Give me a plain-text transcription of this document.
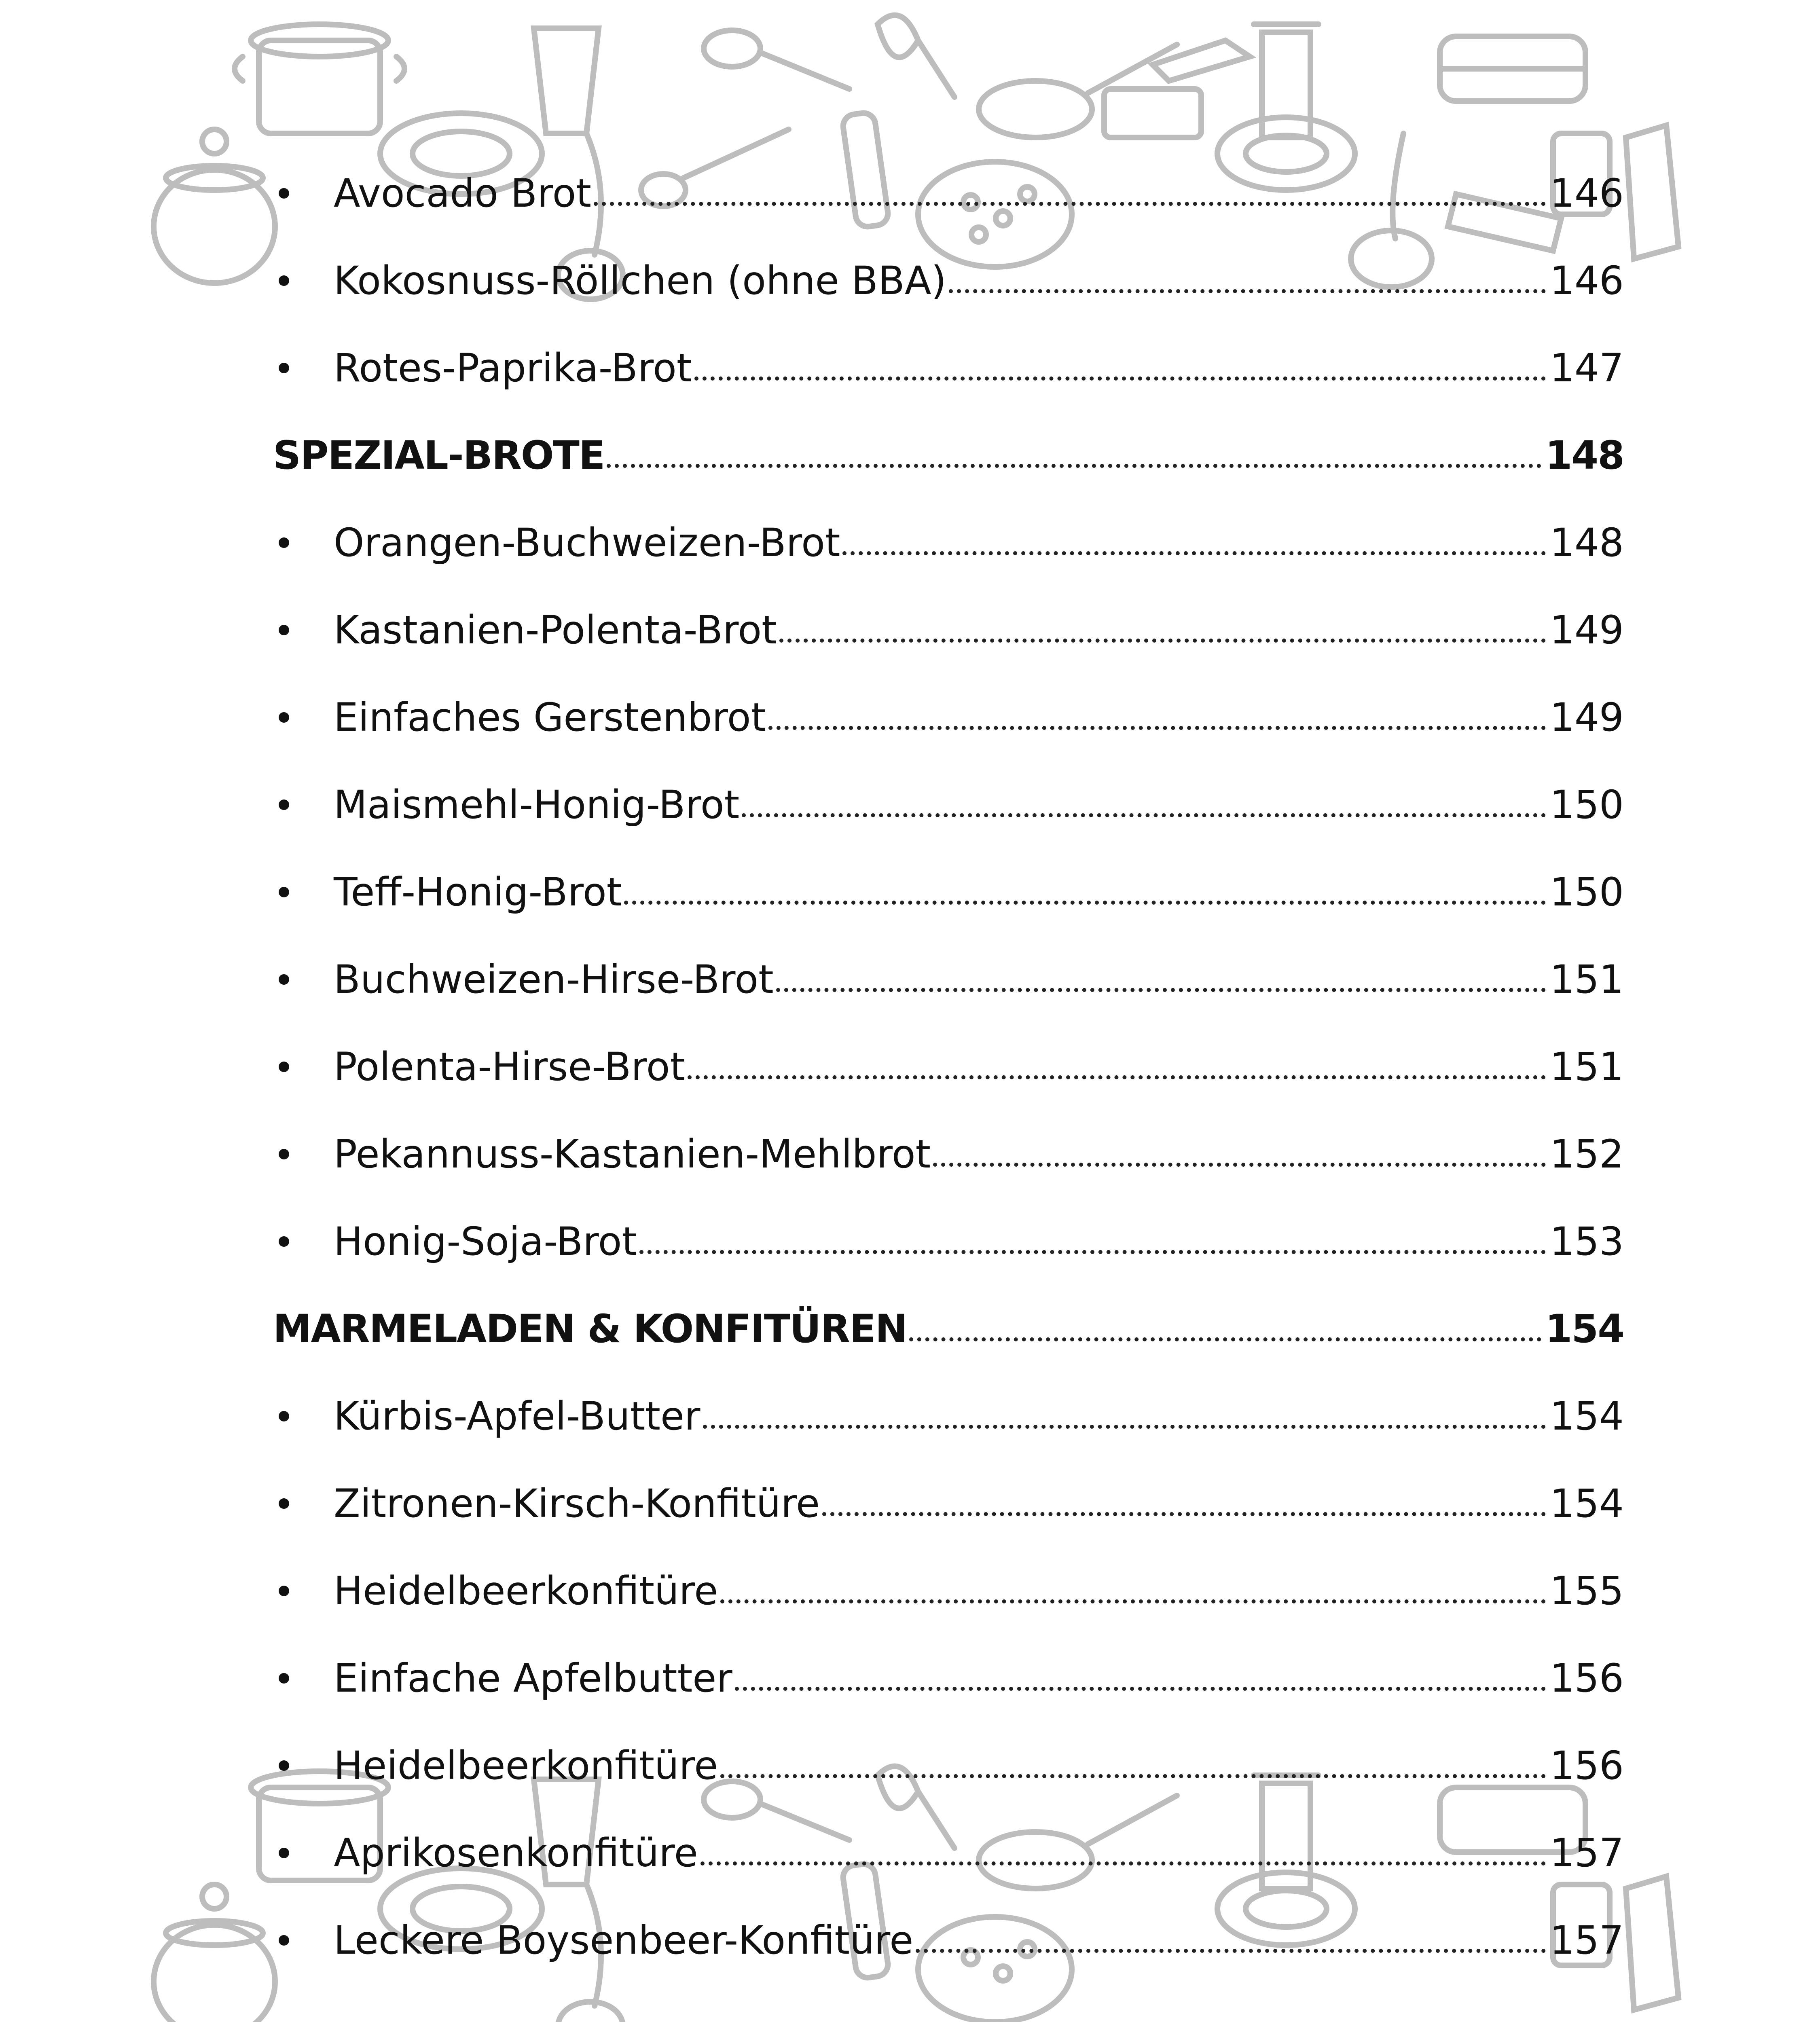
Avocado Brot	146
Kokosnuss-Röllchen (ohne BBA)	146
Rotes-Paprika-Brot	147
SPEZIAL-BROTE	148
Orangen-Buchweizen-Brot	148
Kastanien-Polenta-Brot	149
Einfaches Gerstenbrot	149
Maismehl-Honig-Brot	150
Teff-Honig-Brot	150
Buchweizen-Hirse-Brot	151
Polenta-Hirse-Brot	151
Pekannuss-Kastanien-Mehlbrot	152
Honig-Soja-Brot	153
MARMELADEN & KONFITÜREN	154
Kürbis-Apfel-Butter	154
Zitronen-Kirsch-Konfitüre	154
Heidelbeerkonfitüre	155
Einfache Apfelbutter	156
Heidelbeerkonfitüre	156
Aprikosenkonfitüre	157
Leckere Boysenbeer-Konfitüre	157
